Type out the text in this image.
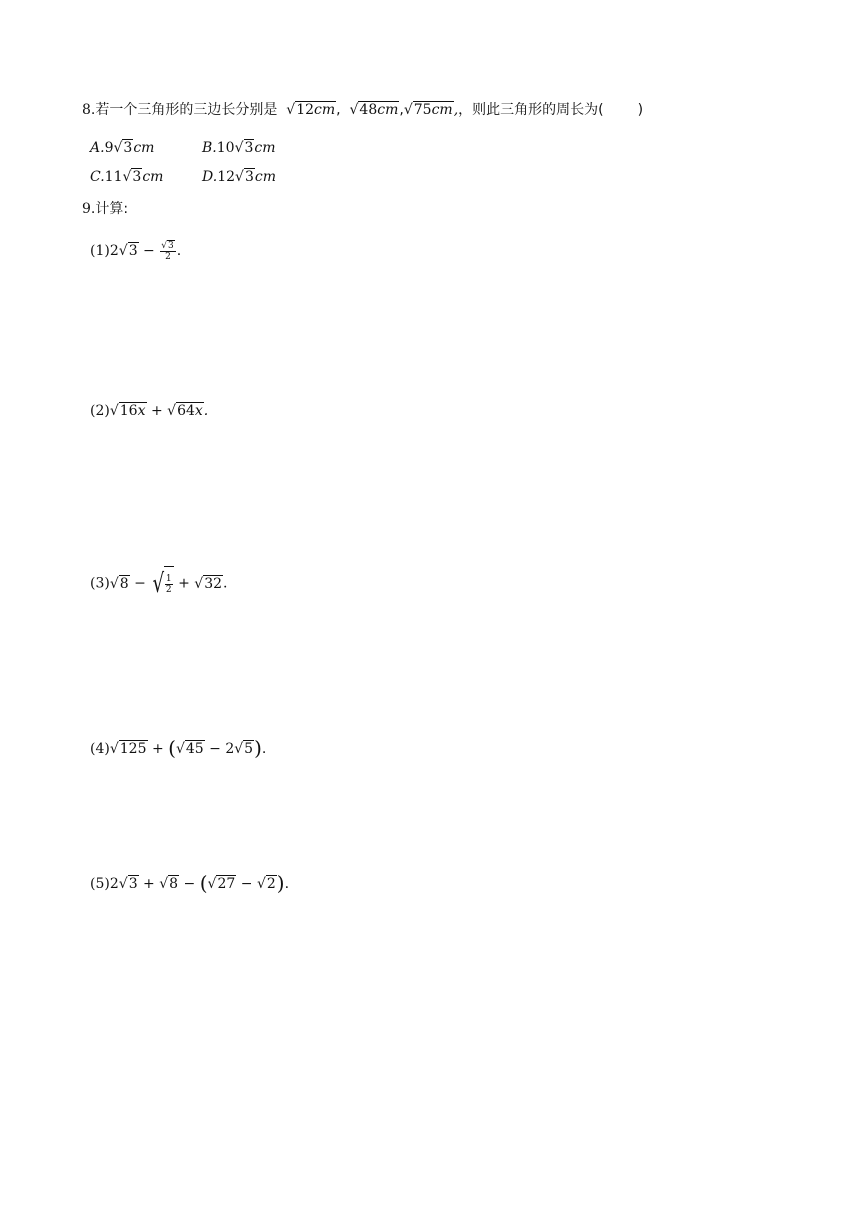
8.若一个三角形的三边长分别是 √12cm, √48cm,√75cm,，则此三角形的周长为( )
A.9√3cm	B.10√3cm
C.11√3cm	D.12√3cm
9.计算:
$(1)2√3 - \frac{√3}{2}$ .
(2)√16x + √64x.
(3)√8 − √ $\frac{1}{2} + √32$.
(4)√125 + (√45 − 2√5).
(5)2√3 + √8 − (√27 − √2).
